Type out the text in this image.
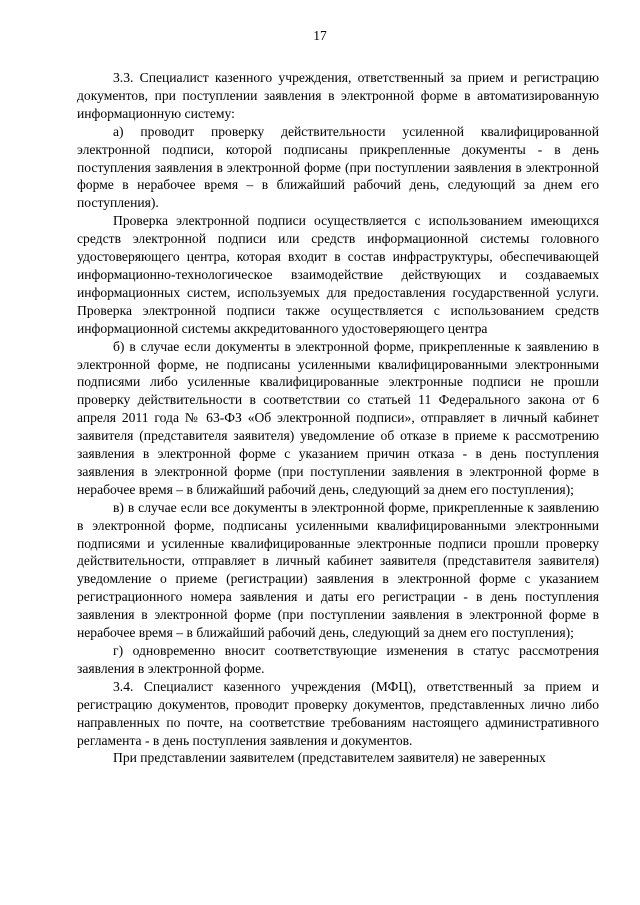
17

3.3. Специалист казенного учреждения, ответственный за прием и регистрацию документов, при поступлении заявления в электронной форме в автоматизированную информационную систему:

а) проводит проверку действительности усиленной квалифицированной электронной подписи, которой подписаны прикрепленные документы - в день поступления заявления в электронной форме (при поступлении заявления в электронной форме в нерабочее время – в ближайший рабочий день, следующий за днем его поступления).

Проверка электронной подписи осуществляется с использованием имеющихся средств электронной подписи или средств информационной системы головного удостоверяющего центра, которая входит в состав инфраструктуры, обеспечивающей информационно-технологическое взаимодействие действующих и создаваемых информационных систем, используемых для предоставления государственной услуги. Проверка электронной подписи также осуществляется с использованием средств информационной системы аккредитованного удостоверяющего центра

б) в случае если документы в электронной форме, прикрепленные к заявлению в электронной форме, не подписаны усиленными квалифицированными электронными подписями либо усиленные квалифицированные электронные подписи не прошли проверку действительности в соответствии со статьей 11 Федерального закона от 6 апреля 2011 года № 63-ФЗ «Об электронной подписи», отправляет в личный кабинет заявителя (представителя заявителя) уведомление об отказе в приеме к рассмотрению заявления в электронной форме с указанием причин отказа - в день поступления заявления в электронной форме (при поступлении заявления в электронной форме в нерабочее время – в ближайший рабочий день, следующий за днем его поступления);

в) в случае если все документы в электронной форме, прикрепленные к заявлению в электронной форме, подписаны усиленными квалифицированными электронными подписями и усиленные квалифицированные электронные подписи прошли проверку действительности, отправляет в личный кабинет заявителя (представителя заявителя) уведомление о приеме (регистрации) заявления в электронной форме с указанием регистрационного номера заявления и даты его регистрации - в день поступления заявления в электронной форме (при поступлении заявления в электронной форме в нерабочее время – в ближайший рабочий день, следующий за днем его поступления);

г) одновременно вносит соответствующие изменения в статус рассмотрения заявления в электронной форме.

3.4. Специалист казенного учреждения (МФЦ), ответственный за прием и регистрацию документов, проводит проверку документов, представленных лично либо направленных по почте, на соответствие требованиям настоящего административного регламента - в день поступления заявления и документов.

При представлении заявителем (представителем заявителя) не заверенных
